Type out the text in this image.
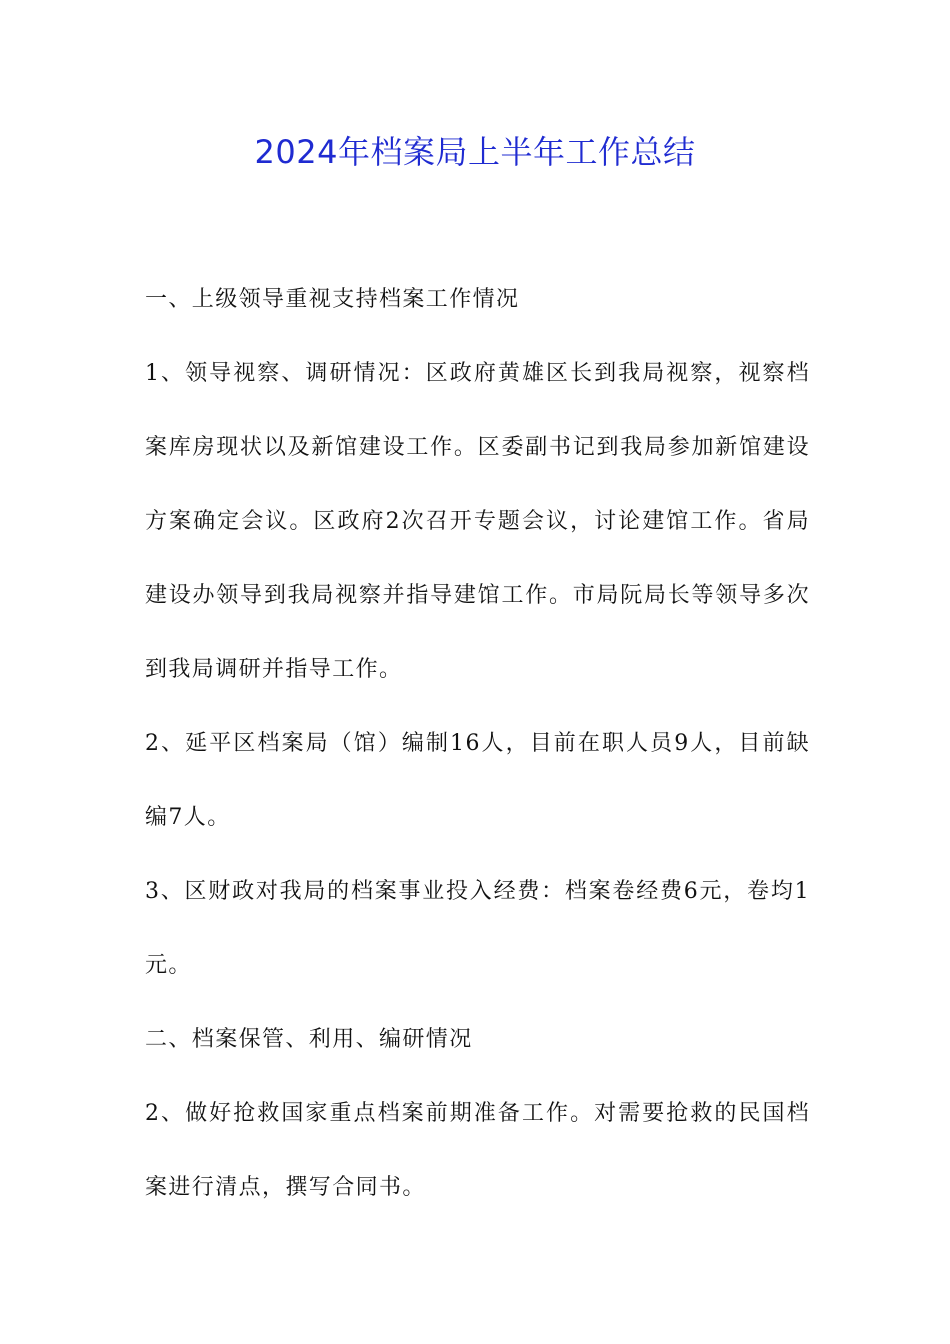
2024年档案局上半年工作总结

一、上级领导重视支持档案工作情况

1、领导视察、调研情况：区政府黄雄区长到我局视察，视察档案库房现状以及新馆建设工作。区委副书记到我局参加新馆建设方案确定会议。区政府2次召开专题会议，讨论建馆工作。省局建设办领导到我局视察并指导建馆工作。市局阮局长等领导多次到我局调研并指导工作。

2、延平区档案局（馆）编制16人，目前在职人员9人，目前缺编7人。

3、区财政对我局的档案事业投入经费：档案卷经费6元，卷均1元。

二、档案保管、利用、编研情况

2、做好抢救国家重点档案前期准备工作。对需要抢救的民国档案进行清点，撰写合同书。
